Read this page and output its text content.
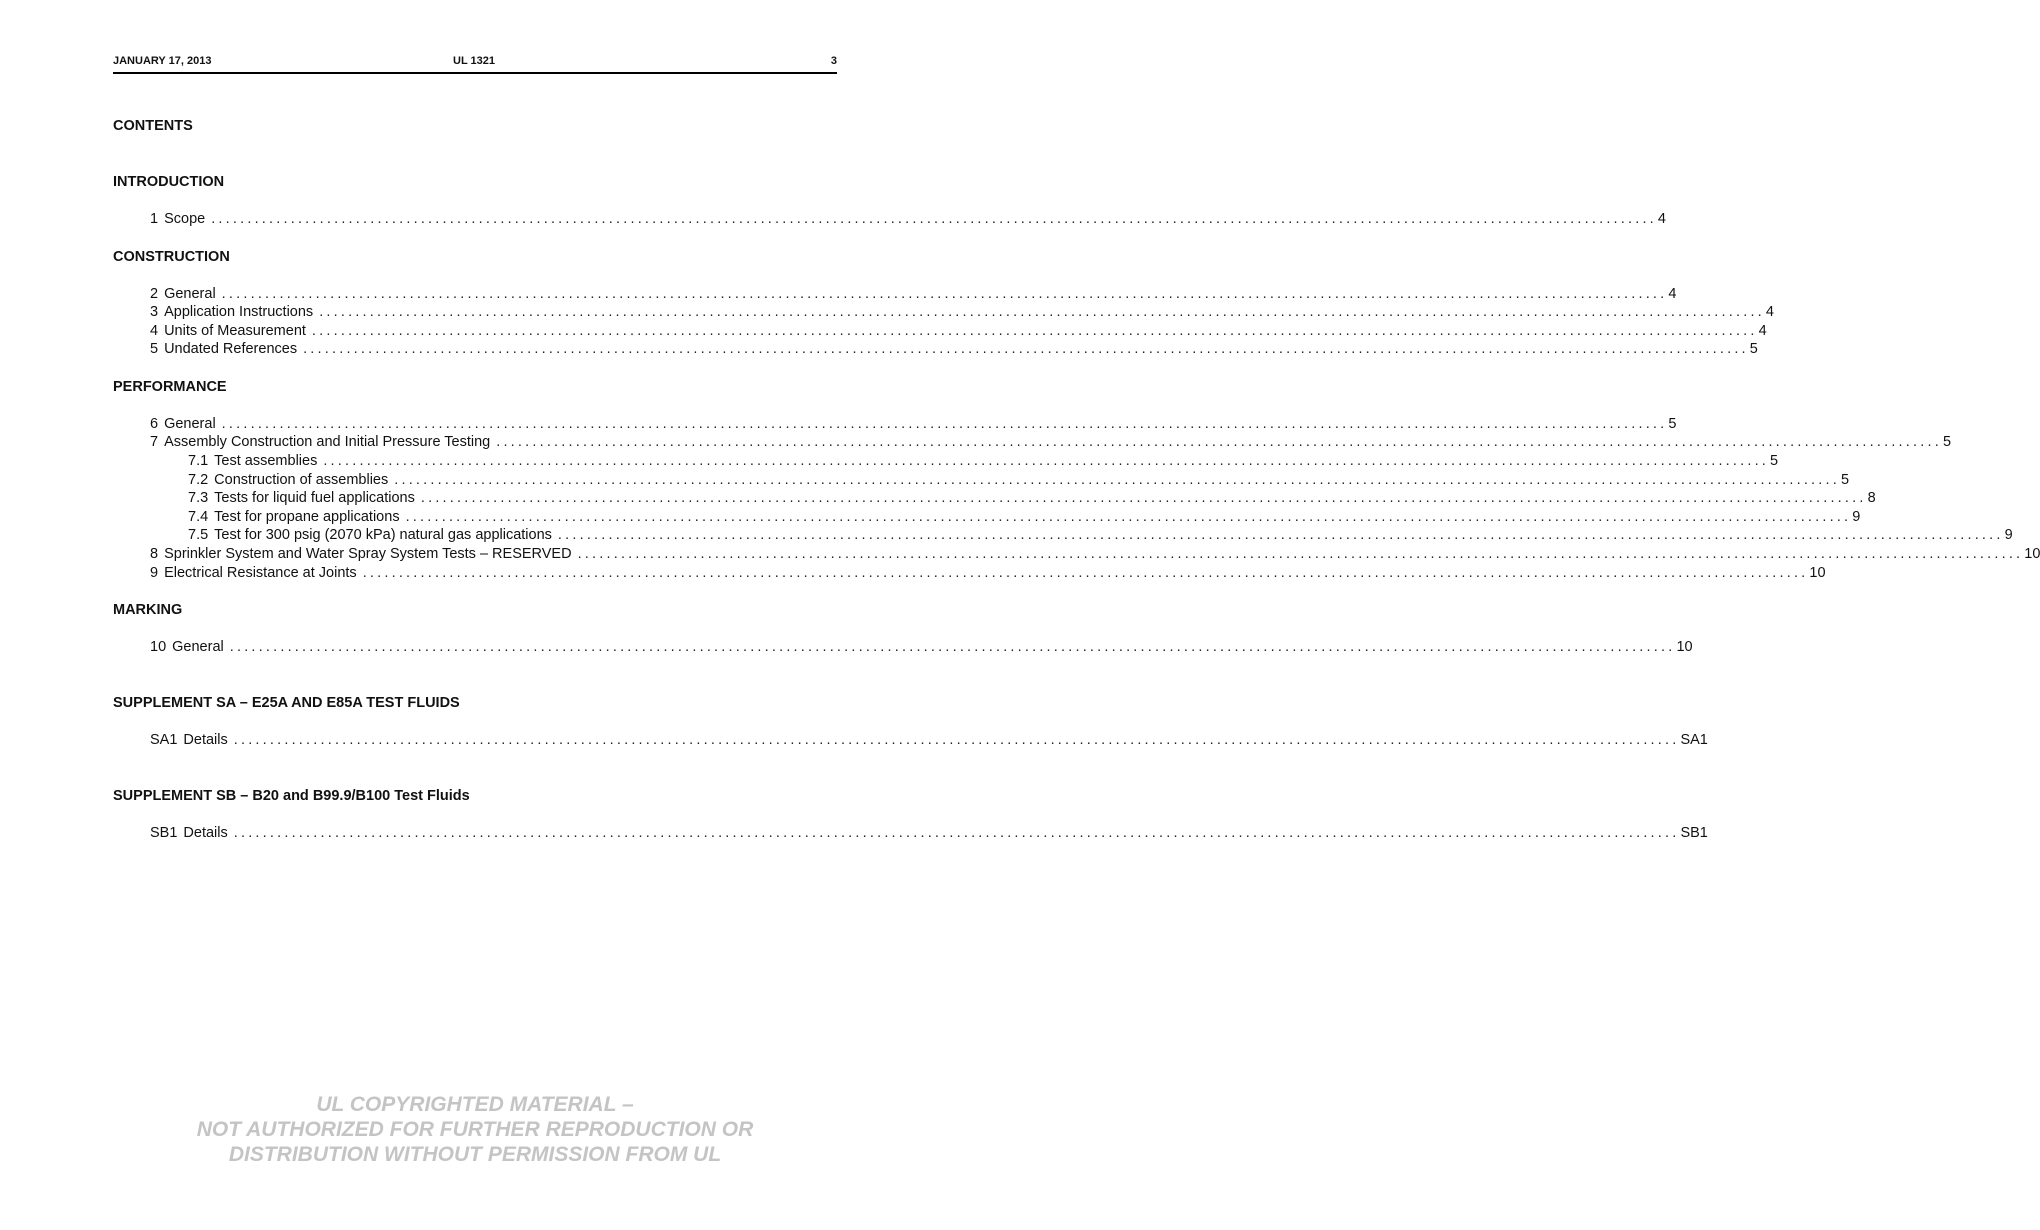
JANUARY 17, 2013	UL 1321	3
CONTENTS
INTRODUCTION
1 Scope ........................................................................................................................................................................................................ 4
CONSTRUCTION
2 General ........................................................................................................................................................................................................ 4
3 Application Instructions ........................................................................................................................................................................................................ 4
4 Units of Measurement ........................................................................................................................................................................................................ 4
5 Undated References ........................................................................................................................................................................................................ 5
PERFORMANCE
6 General ........................................................................................................................................................................................................ 5
7 Assembly Construction and Initial Pressure Testing ........................................................................................................................................................................................................ 5
7.1 Test assemblies ........................................................................................................................................................................................................ 5
7.2 Construction of assemblies ........................................................................................................................................................................................................ 5
7.3 Tests for liquid fuel applications ........................................................................................................................................................................................................ 8
7.4 Test for propane applications ........................................................................................................................................................................................................ 9
7.5 Test for 300 psig (2070 kPa) natural gas applications ........................................................................................................................................................................................................ 9
8 Sprinkler System and Water Spray System Tests – RESERVED ........................................................................................................................................................................................................ 10
9 Electrical Resistance at Joints ........................................................................................................................................................................................................ 10
MARKING
10 General ........................................................................................................................................................................................................ 10
SUPPLEMENT SA – E25A AND E85A TEST FLUIDS
SA1 Details ........................................................................................................................................................................................................ SA1
SUPPLEMENT SB – B20 and B99.9/B100 Test Fluids
SB1 Details ........................................................................................................................................................................................................ SB1
UL COPYRIGHTED MATERIAL –
NOT AUTHORIZED FOR FURTHER REPRODUCTION OR
DISTRIBUTION WITHOUT PERMISSION FROM UL
